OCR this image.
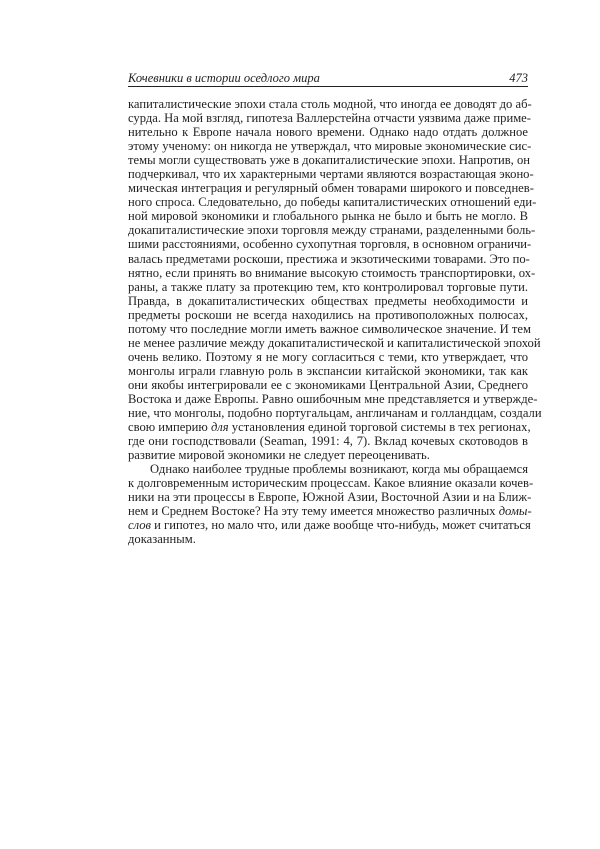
Кочевники в истории оседлого мира	473
капиталистические эпохи стала столь модной, что иногда ее доводят до аб-
сурда. На мой взгляд, гипотеза Валлерстейна отчасти уязвима даже приме-
нительно к Европе начала нового времени. Однако надо отдать должное
этому ученому: он никогда не утверждал, что мировые экономические сис-
темы могли существовать уже в докапиталистические эпохи. Напротив, он
подчеркивал, что их характерными чертами являются возрастающая эконо-
мическая интеграция и регулярный обмен товарами широкого и повседнев-
ного спроса. Следовательно, до победы капиталистических отношений еди-
ной мировой экономики и глобального рынка не было и быть не могло. В
докапиталистические эпохи торговля между странами, разделенными боль-
шими расстояниями, особенно сухопутная торговля, в основном ограничи-
валась предметами роскоши, престижа и экзотическими товарами. Это по-
нятно, если принять во внимание высокую стоимость транспортировки, ох-
раны, а также плату за протекцию тем, кто контролировал торговые пути.
Правда, в докапиталистических обществах предметы необходимости и
предметы роскоши не всегда находились на противоположных полюсах,
потому что последние могли иметь важное символическое значение. И тем
не менее различие между докапиталистической и капиталистической эпохой
очень велико. Поэтому я не могу согласиться с теми, кто утверждает, что
монголы играли главную роль в экспансии китайской экономики, так как
они якобы интегрировали ее с экономиками Центральной Азии, Среднего
Востока и даже Европы. Равно ошибочным мне представляется и утвержде-
ние, что монголы, подобно португальцам, англичанам и голландцам, создали
свою империю для установления единой торговой системы в тех регионах,
где они господствовали (Seaman, 1991: 4, 7). Вклад кочевых скотоводов в
развитие мировой экономики не следует переоценивать.
Однако наиболее трудные проблемы возникают, когда мы обращаемся
к долговременным историческим процессам. Какое влияние оказали кочев-
ники на эти процессы в Европе, Южной Азии, Восточной Азии и на Ближ-
нем и Среднем Востоке? На эту тему имеется множество различных домы-
слов и гипотез, но мало что, или даже вообще что-нибудь, может считаться
доказанным.
